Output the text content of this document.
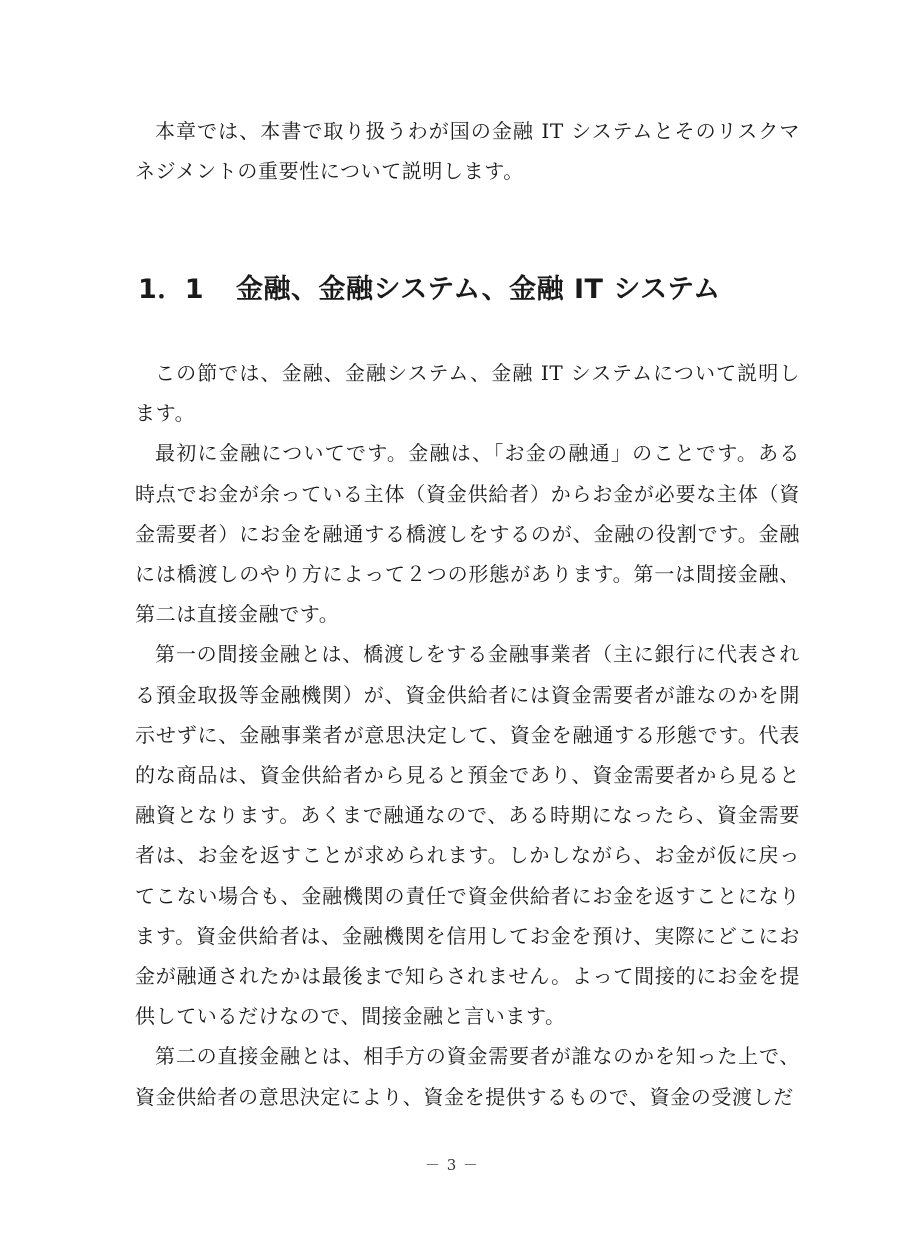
本章では、本書で取り扱うわが国の金融 IT システムとそのリスクマネジメントの重要性について説明します。

1．1 金融、金融システム、金融 IT システム

この節では、金融、金融システム、金融 IT システムについて説明します。

最初に金融についてです。金融は、「お金の融通」のことです。ある時点でお金が余っている主体（資金供給者）からお金が必要な主体（資金需要者）にお金を融通する橋渡しをするのが、金融の役割です。金融には橋渡しのやり方によって２つの形態があります。第一は間接金融、第二は直接金融です。

第一の間接金融とは、橋渡しをする金融事業者（主に銀行に代表される預金取扱等金融機関）が、資金供給者には資金需要者が誰なのかを開示せずに、金融事業者が意思決定して、資金を融通する形態です。代表的な商品は、資金供給者から見ると預金であり、資金需要者から見ると融資となります。あくまで融通なので、ある時期になったら、資金需要者は、お金を返すことが求められます。しかしながら、お金が仮に戻ってこない場合も、金融機関の責任で資金供給者にお金を返すことになります。資金供給者は、金融機関を信用してお金を預け、実際にどこにお金が融通されたかは最後まで知らされません。よって間接的にお金を提供しているだけなので、間接金融と言います。

第二の直接金融とは、相手方の資金需要者が誰なのかを知った上で、資金供給者の意思決定により、資金を提供するもので、資金の受渡しだ

－ 3 －
